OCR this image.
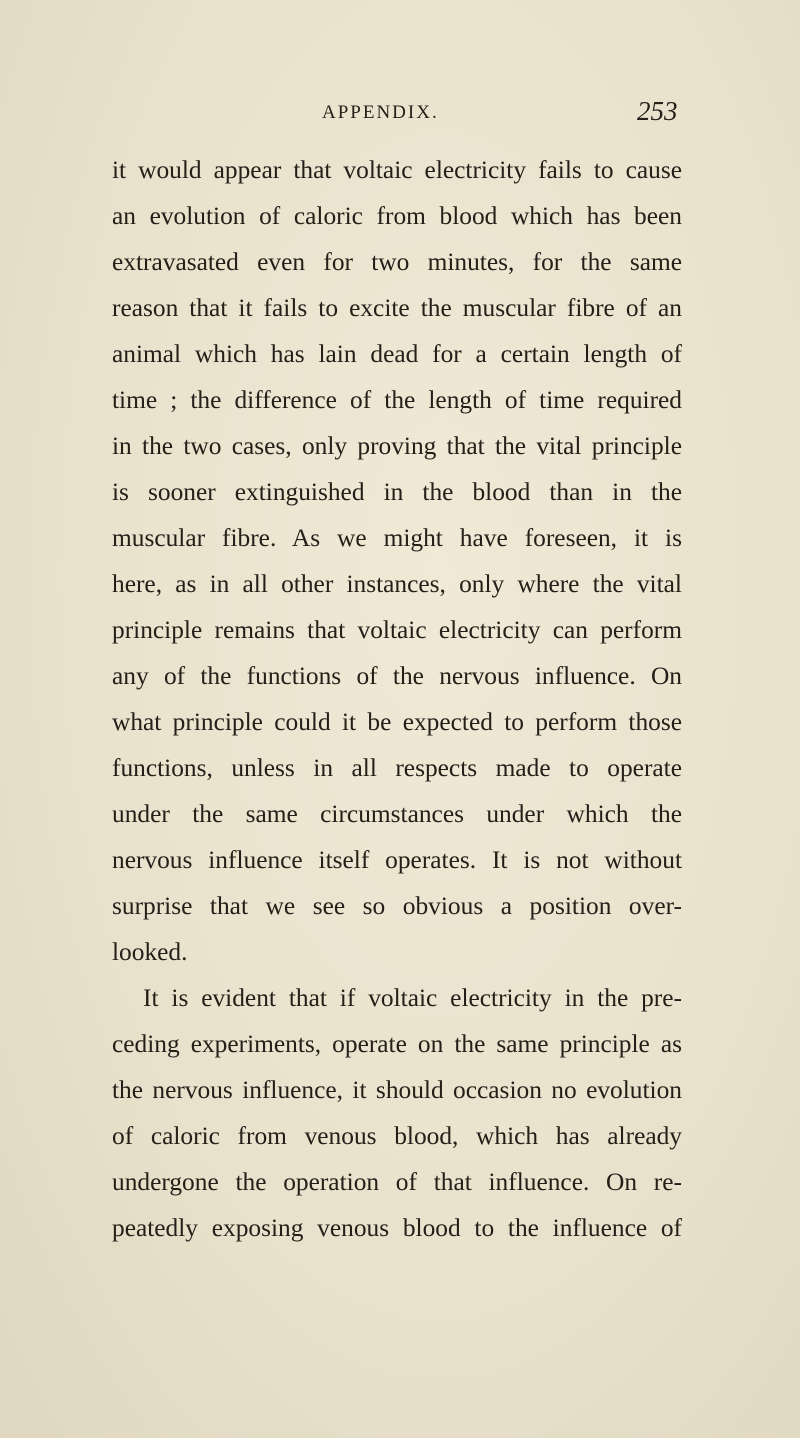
APPENDIX.	253
it would appear that voltaic electricity fails to cause
an evolution of caloric from blood which has been
extravasated even for two minutes, for the same
reason that it fails to excite the muscular fibre of an
animal which has lain dead for a certain length of
time ; the difference of the length of time required
in the two cases, only proving that the vital principle
is sooner extinguished in the blood than in the
muscular fibre. As we might have foreseen, it is
here, as in all other instances, only where the vital
principle remains that voltaic electricity can perform
any of the functions of the nervous influence. On
what principle could it be expected to perform those
functions, unless in all respects made to operate
under the same circumstances under which the
nervous influence itself operates. It is not without
surprise that we see so obvious a position over-
looked.
It is evident that if voltaic electricity in the pre-
ceding experiments, operate on the same principle as
the nervous influence, it should occasion no evolution
of caloric from venous blood, which has already
undergone the operation of that influence. On re-
peatedly exposing venous blood to the influence of
